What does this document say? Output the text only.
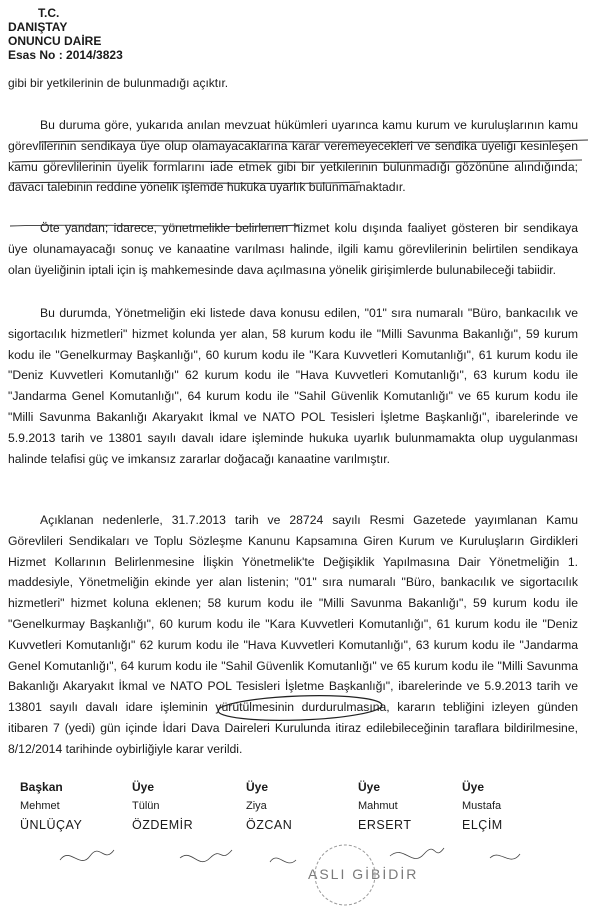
T.C.
DANIŞTAY
ONUNCU DAİRE
Esas No : 2014/3823
gibi bir yetkilerinin de bulunmadığı açıktır.

Bu duruma göre, yukarıda anılan mevzuat hükümleri uyarınca kamu kurum ve kuruluşlarının kamu görevlilerinin sendikaya üye olup olamayacaklarına karar veremeyecekleri ve sendika üyeliği kesinleşen kamu görevlilerinin üyelik formlarını iade etmek gibi bir yetkilerinin bulunmadığı gözönüne alındığında; davacı talebinin reddine yönelik işlemde hukuka uyarlık bulunmamaktadır.

Öte yandan; idarece, yönetmelikle belirlenen hizmet kolu dışında faaliyet gösteren bir sendikaya üye olunamayacağı sonuç ve kanaatine varılması halinde, ilgili kamu görevlilerinin belirtilen sendikaya olan üyeliğinin iptali için iş mahkemesinde dava açılmasına yönelik girişimlerde bulunabileceği tabiidir.

Bu durumda, Yönetmeliğin eki listede dava konusu edilen, "01" sıra numaralı "Büro, bankacılık ve sigortacılık hizmetleri" hizmet kolunda yer alan, 58 kurum kodu ile "Milli Savunma Bakanlığı", 59 kurum kodu ile "Genelkurmay Başkanlığı", 60 kurum kodu ile "Kara Kuvvetleri Komutanlığı", 61 kurum kodu ile "Deniz Kuvvetleri Komutanlığı" 62 kurum kodu ile "Hava Kuvvetleri Komutanlığı", 63 kurum kodu ile "Jandarma Genel Komutanlığı", 64 kurum kodu ile "Sahil Güvenlik Komutanlığı" ve 65 kurum kodu ile "Milli Savunma Bakanlığı Akaryakıt İkmal ve NATO POL Tesisleri İşletme Başkanlığı", ibarelerinde ve 5.9.2013 tarih ve 13801 sayılı davalı idare işleminde hukuka uyarlık bulunmamakta olup uygulanması halinde telafisi güç ve imkansız zararlar doğacağı kanaatine varılmıştır.

Açıklanan nedenlerle, 31.7.2013 tarih ve 28724 sayılı Resmi Gazetede yayımlanan Kamu Görevlileri Sendikaları ve Toplu Sözleşme Kanunu Kapsamına Giren Kurum ve Kuruluşların Girdikleri Hizmet Kollarının Belirlenmesine İlişkin Yönetmelik'te Değişiklik Yapılmasına Dair Yönetmeliğin 1. maddesiyle, Yönetmeliğin ekinde yer alan listenin; "01" sıra numaralı "Büro, bankacılık ve sigortacılık hizmetleri" hizmet koluna eklenen; 58 kurum kodu ile "Milli Savunma Bakanlığı", 59 kurum kodu ile "Genelkurmay Başkanlığı", 60 kurum kodu ile "Kara Kuvvetleri Komutanlığı", 61 kurum kodu ile "Deniz Kuvvetleri Komutanlığı" 62 kurum kodu ile "Hava Kuvvetleri Komutanlığı", 63 kurum kodu ile "Jandarma Genel Komutanlığı", 64 kurum kodu ile "Sahil Güvenlik Komutanlığı" ve 65 kurum kodu ile "Milli Savunma Bakanlığı Akaryakıt İkmal ve NATO POL Tesisleri İşletme Başkanlığı", ibarelerinde ve 5.9.2013 tarih ve 13801 sayılı davalı idare işleminin yürütülmesinin durdurulmasına, kararın tebliğini izleyen günden itibaren 7 (yedi) gün içinde İdari Dava Daireleri Kurulunda itiraz edilebileceğinin taraflara bildirilmesine, 8/12/2014 tarihinde oybirliğiyle karar verildi.

Başkan	Üye	Üye	Üye	Üye
Mehmet	Tülün	Ziya	Mahmut	Mustafa
ÜNLÜÇAY	ÖZDEMİR	ÖZCAN	ERSERT	ELÇİM
ASLI GİBİDİR
